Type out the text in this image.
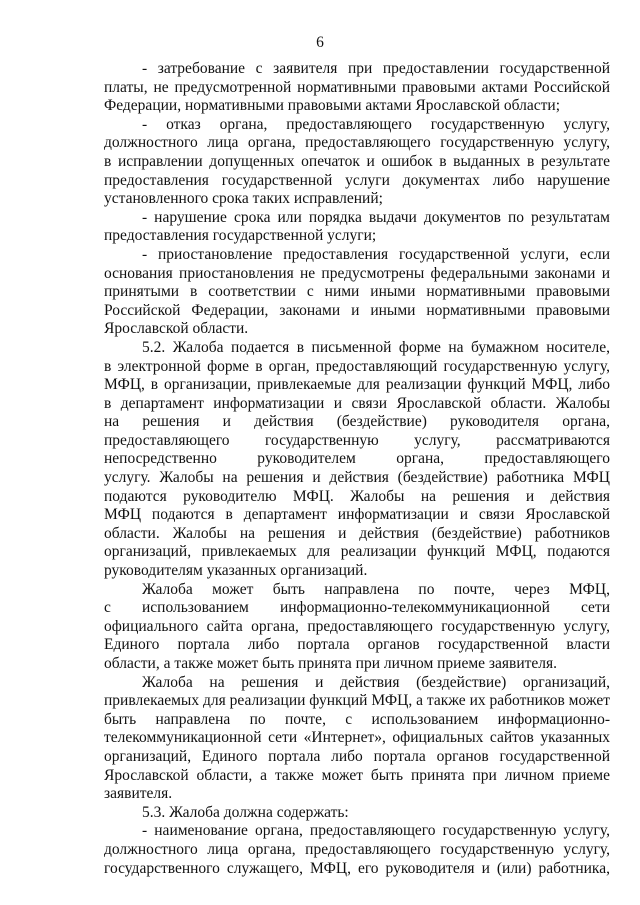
6
- затребование с заявителя при предоставлении государственной
платы, не предусмотренной нормативными правовыми актами Российской
Федерации, нормативными правовыми актами Ярославской области;
- отказ органа, предоставляющего государственную услугу,
должностного лица органа, предоставляющего государственную услугу,
в исправлении допущенных опечаток и ошибок в выданных в результате
предоставления государственной услуги документах либо нарушение
установленного срока таких исправлений;
- нарушение срока или порядка выдачи документов по результатам
предоставления государственной услуги;
- приостановление предоставления государственной услуги, если
основания приостановления не предусмотрены федеральными законами и
принятыми в соответствии с ними иными нормативными правовыми
Российской Федерации, законами и иными нормативными правовыми
Ярославской области.
5.2. Жалоба подается в письменной форме на бумажном носителе,
в электронной форме в орган, предоставляющий государственную услугу,
МФЦ, в организации, привлекаемые для реализации функций МФЦ, либо
в департамент информатизации и связи Ярославской области. Жалобы
на решения и действия (бездействие) руководителя органа,
предоставляющего государственную услугу, рассматриваются
непосредственно руководителем органа, предоставляющего
услугу. Жалобы на решения и действия (бездействие) работника МФЦ
подаются руководителю МФЦ. Жалобы на решения и действия
МФЦ подаются в департамент информатизации и связи Ярославской
области. Жалобы на решения и действия (бездействие) работников
организаций, привлекаемых для реализации функций МФЦ, подаются
руководителям указанных организаций.
Жалоба может быть направлена по почте, через МФЦ,
с использованием информационно-телекоммуникационной сети
официального сайта органа, предоставляющего государственную услугу,
Единого портала либо портала органов государственной власти
области, а также может быть принята при личном приеме заявителя.
Жалоба на решения и действия (бездействие) организаций,
привлекаемых для реализации функций МФЦ, а также их работников может
быть направлена по почте, с использованием информационно-
телекоммуникационной сети «Интернет», официальных сайтов указанных
организаций, Единого портала либо портала органов государственной
Ярославской области, а также может быть принята при личном приеме
заявителя.
5.3. Жалоба должна содержать:
- наименование органа, предоставляющего государственную услугу,
должностного лица органа, предоставляющего государственную услугу,
государственного служащего, МФЦ, его руководителя и (или) работника,
